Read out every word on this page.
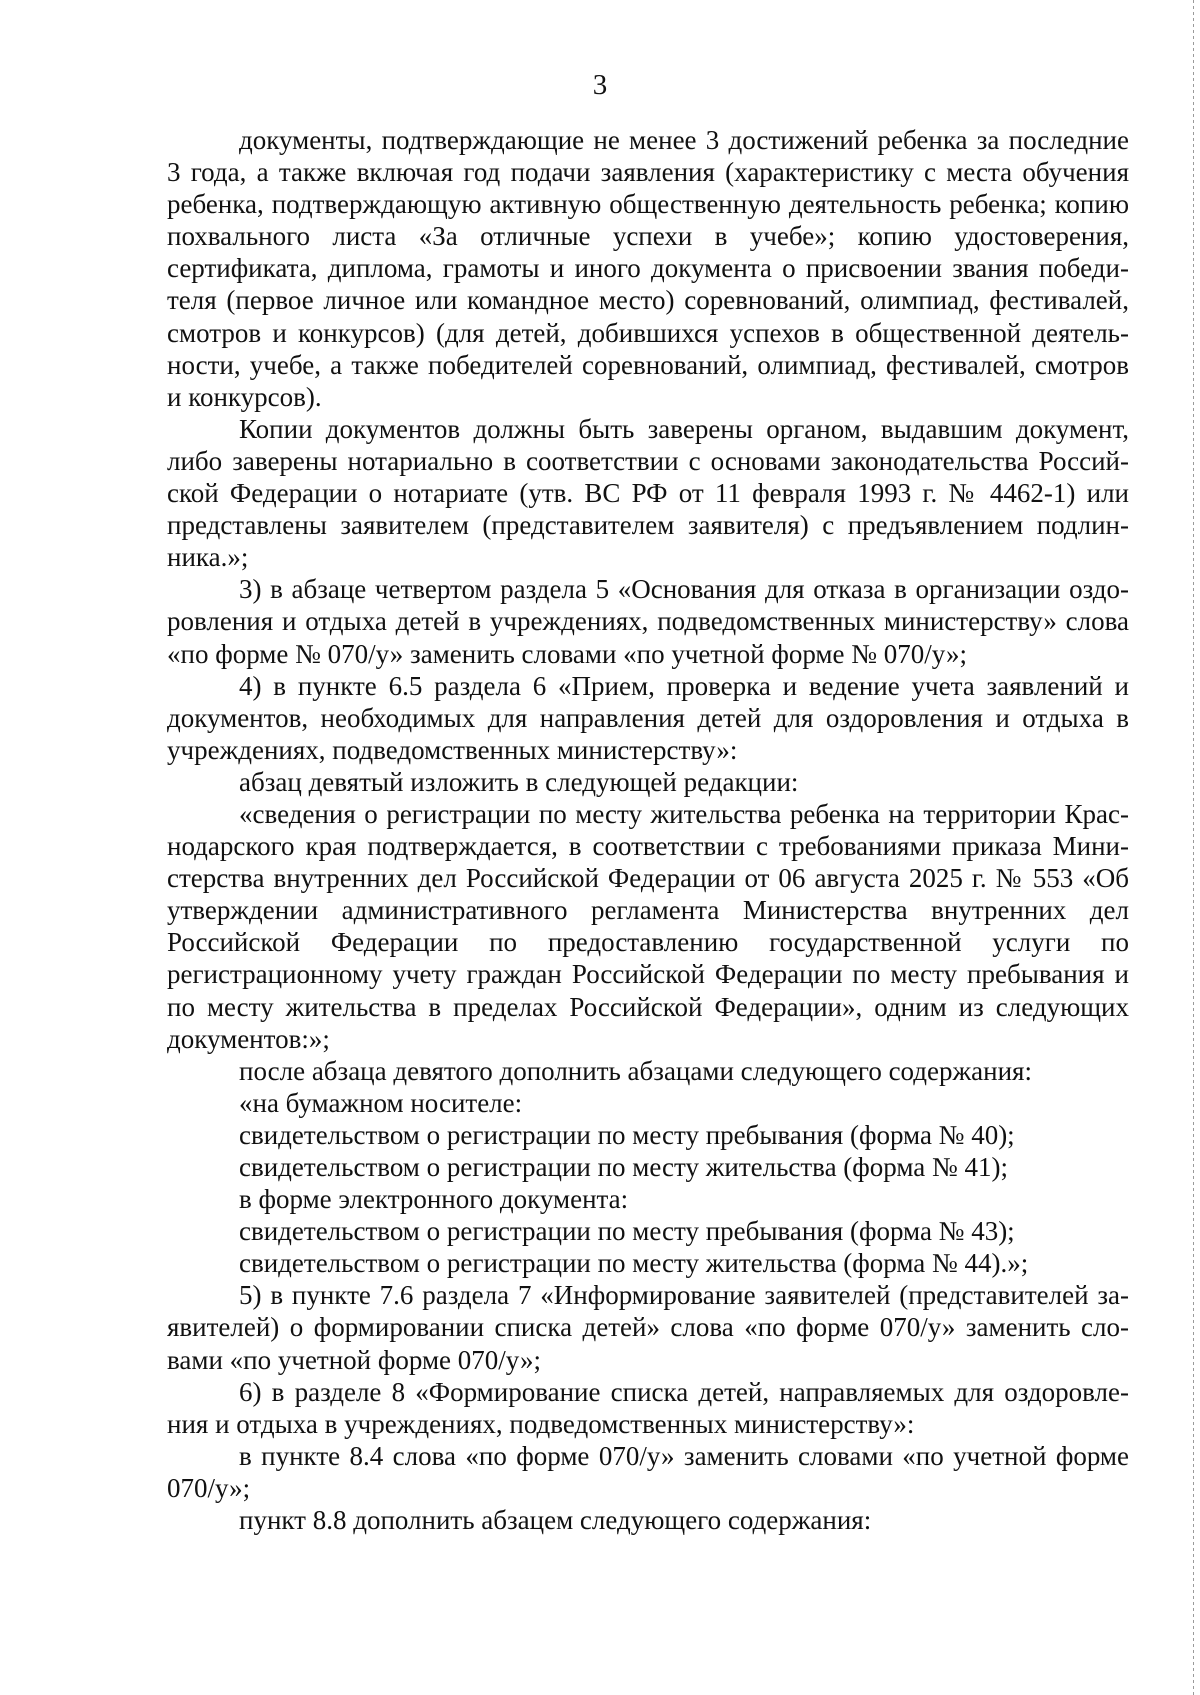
3

документы, подтверждающие не менее 3 достижений ребенка за последние 3 года, а также включая год подачи заявления (характеристику с места обучения ребенка, подтверждающую активную общественную деятельность ребенка; копию похвального листа «За отличные успехи в учебе»; копию удостоверения, сертификата, диплома, грамоты и иного документа о присвоении звания победителя (первое личное или командное место) соревнований, олимпиад, фестивалей, смотров и конкурсов) (для детей, добившихся успехов в общественной деятельности, учебе, а также победителей соревнований, олимпиад, фестивалей, смотров и конкурсов).

Копии документов должны быть заверены органом, выдавшим документ, либо заверены нотариально в соответствии с основами законодательства Российской Федерации о нотариате (утв. ВС РФ от 11 февраля 1993 г. № 4462-1) или представлены заявителем (представителем заявителя) с предъявлением подлинника.»;

3) в абзаце четвертом раздела 5 «Основания для отказа в организации оздоровления и отдыха детей в учреждениях, подведомственных министерству» слова «по форме № 070/у» заменить словами «по учетной форме № 070/у»;

4) в пункте 6.5 раздела 6 «Прием, проверка и ведение учета заявлений и документов, необходимых для направления детей для оздоровления и отдыха в учреждениях, подведомственных министерству»:

абзац девятый изложить в следующей редакции:

«сведения о регистрации по месту жительства ребенка на территории Краснодарского края подтверждается, в соответствии с требованиями приказа Министерства внутренних дел Российской Федерации от 06 августа 2025 г. № 553 «Об утверждении административного регламента Министерства внутренних дел Российской Федерации по предоставлению государственной услуги по регистрационному учету граждан Российской Федерации по месту пребывания и по месту жительства в пределах Российской Федерации», одним из следующих документов:»;

после абзаца девятого дополнить абзацами следующего содержания:

«на бумажном носителе:

свидетельством о регистрации по месту пребывания (форма № 40);

свидетельством о регистрации по месту жительства (форма № 41);

в форме электронного документа:

свидетельством о регистрации по месту пребывания (форма № 43);

свидетельством о регистрации по месту жительства (форма № 44).»;

5) в пункте 7.6 раздела 7 «Информирование заявителей (представителей заявителей) о формировании списка детей» слова «по форме 070/у» заменить словами «по учетной форме 070/у»;

6) в разделе 8 «Формирование списка детей, направляемых для оздоровления и отдыха в учреждениях, подведомственных министерству»:

в пункте 8.4 слова «по форме 070/у» заменить словами «по учетной форме 070/у»;

пункт 8.8 дополнить абзацем следующего содержания:
